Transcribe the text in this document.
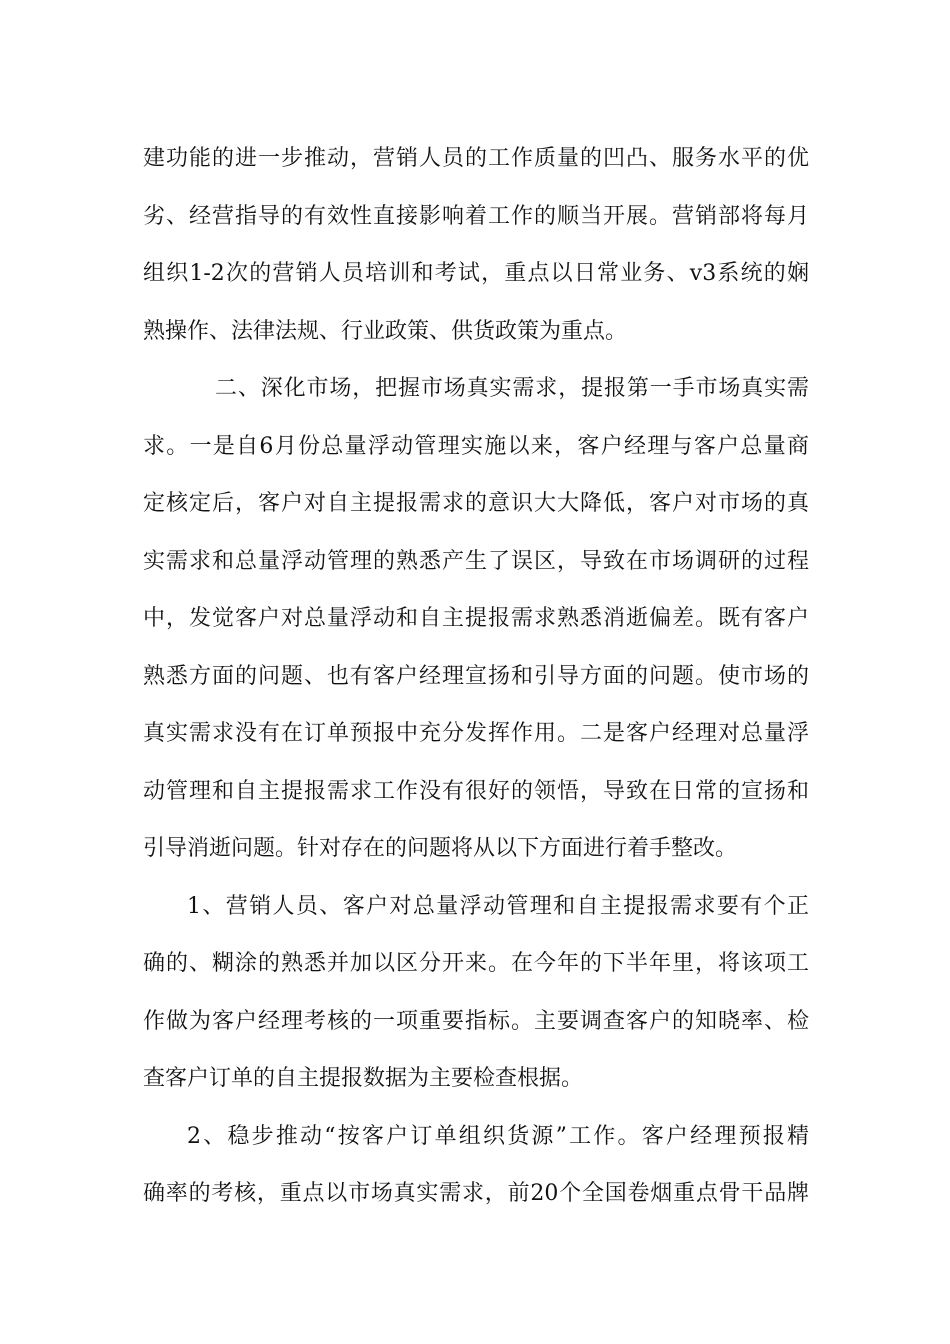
建功能的进一步推动，营销人员的工作质量的凹凸、服务水平的优
劣、经营指导的有效性直接影响着工作的顺当开展。营销部将每月
组织1-2次的营销人员培训和考试，重点以日常业务、v3系统的娴
熟操作、法律法规、行业政策、供货政策为重点。
二、深化市场，把握市场真实需求，提报第一手市场真实需
求。一是自6月份总量浮动管理实施以来，客户经理与客户总量商
定核定后，客户对自主提报需求的意识大大降低，客户对市场的真
实需求和总量浮动管理的熟悉产生了误区，导致在市场调研的过程
中，发觉客户对总量浮动和自主提报需求熟悉消逝偏差。既有客户
熟悉方面的问题、也有客户经理宣扬和引导方面的问题。使市场的
真实需求没有在订单预报中充分发挥作用。二是客户经理对总量浮
动管理和自主提报需求工作没有很好的领悟，导致在日常的宣扬和
引导消逝问题。针对存在的问题将从以下方面进行着手整改。
1、营销人员、客户对总量浮动管理和自主提报需求要有个正
确的、糊涂的熟悉并加以区分开来。在今年的下半年里，将该项工
作做为客户经理考核的一项重要指标。主要调查客户的知晓率、检
查客户订单的自主提报数据为主要检查根据。
2、稳步推动“按客户订单组织货源”工作。客户经理预报精
确率的考核，重点以市场真实需求，前20个全国卷烟重点骨干品牌
